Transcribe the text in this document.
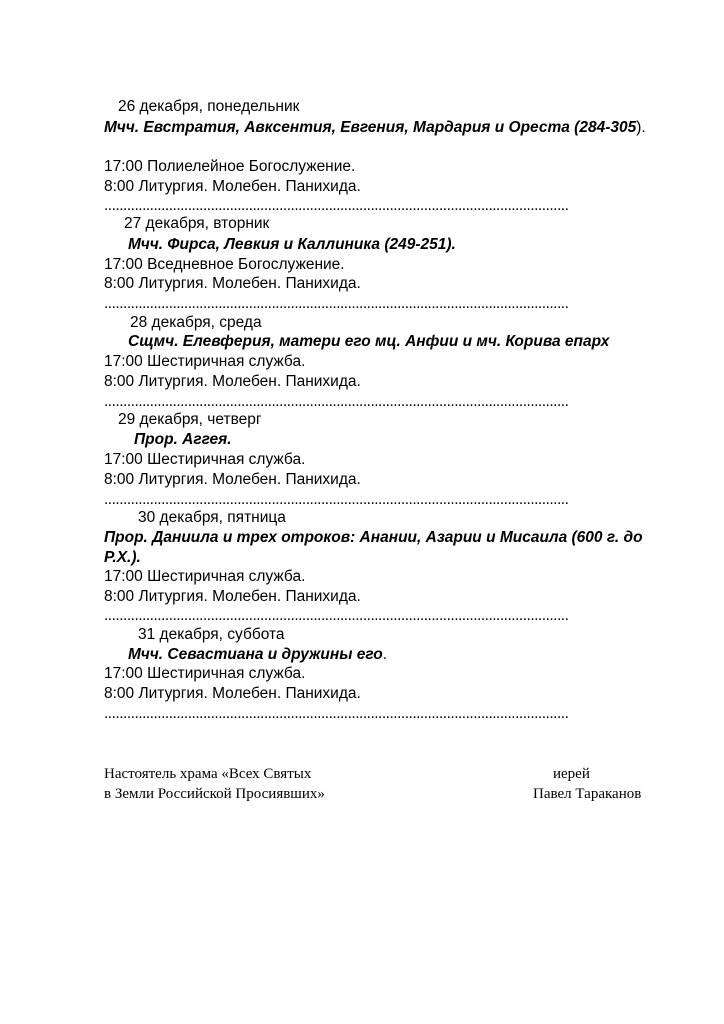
26 декабря, понедельник
Мчч. Евстратия, Авксентия, Евгения, Мардария и Ореста (284-305).
17:00 Полиелейное Богослужение.
8:00 Литургия. Молебен. Панихида.
..........................................................................................................................
27 декабря, вторник
Мчч. Фирса, Левкия и Каллиника (249-251).
17:00 Вседневное Богослужение.
8:00 Литургия. Молебен. Панихида.
..........................................................................................................................
28 декабря, среда
Сщмч. Елевферия, матери его мц. Анфии и мч. Корива епарх
17:00 Шестиричная служба.
8:00 Литургия. Молебен. Панихида.
..........................................................................................................................
29 декабря, четверг
Прор. Аггея.
17:00 Шестиричная служба.
8:00 Литургия. Молебен. Панихида.
..........................................................................................................................
30 декабря, пятница
Прор. Даниила и трех отроков: Анании, Азарии и Мисаила (600 г. до Р.Х.).
17:00 Шестиричная служба.
8:00 Литургия. Молебен. Панихида.
..........................................................................................................................
31 декабря, суббота
Мчч. Севастиана и дружины его.
17:00 Шестиричная служба.
8:00 Литургия. Молебен. Панихида.
..........................................................................................................................
Настоятель храма «Всех Святых
в Земли Российской Просиявших»
иерей
Павел Тараканов
